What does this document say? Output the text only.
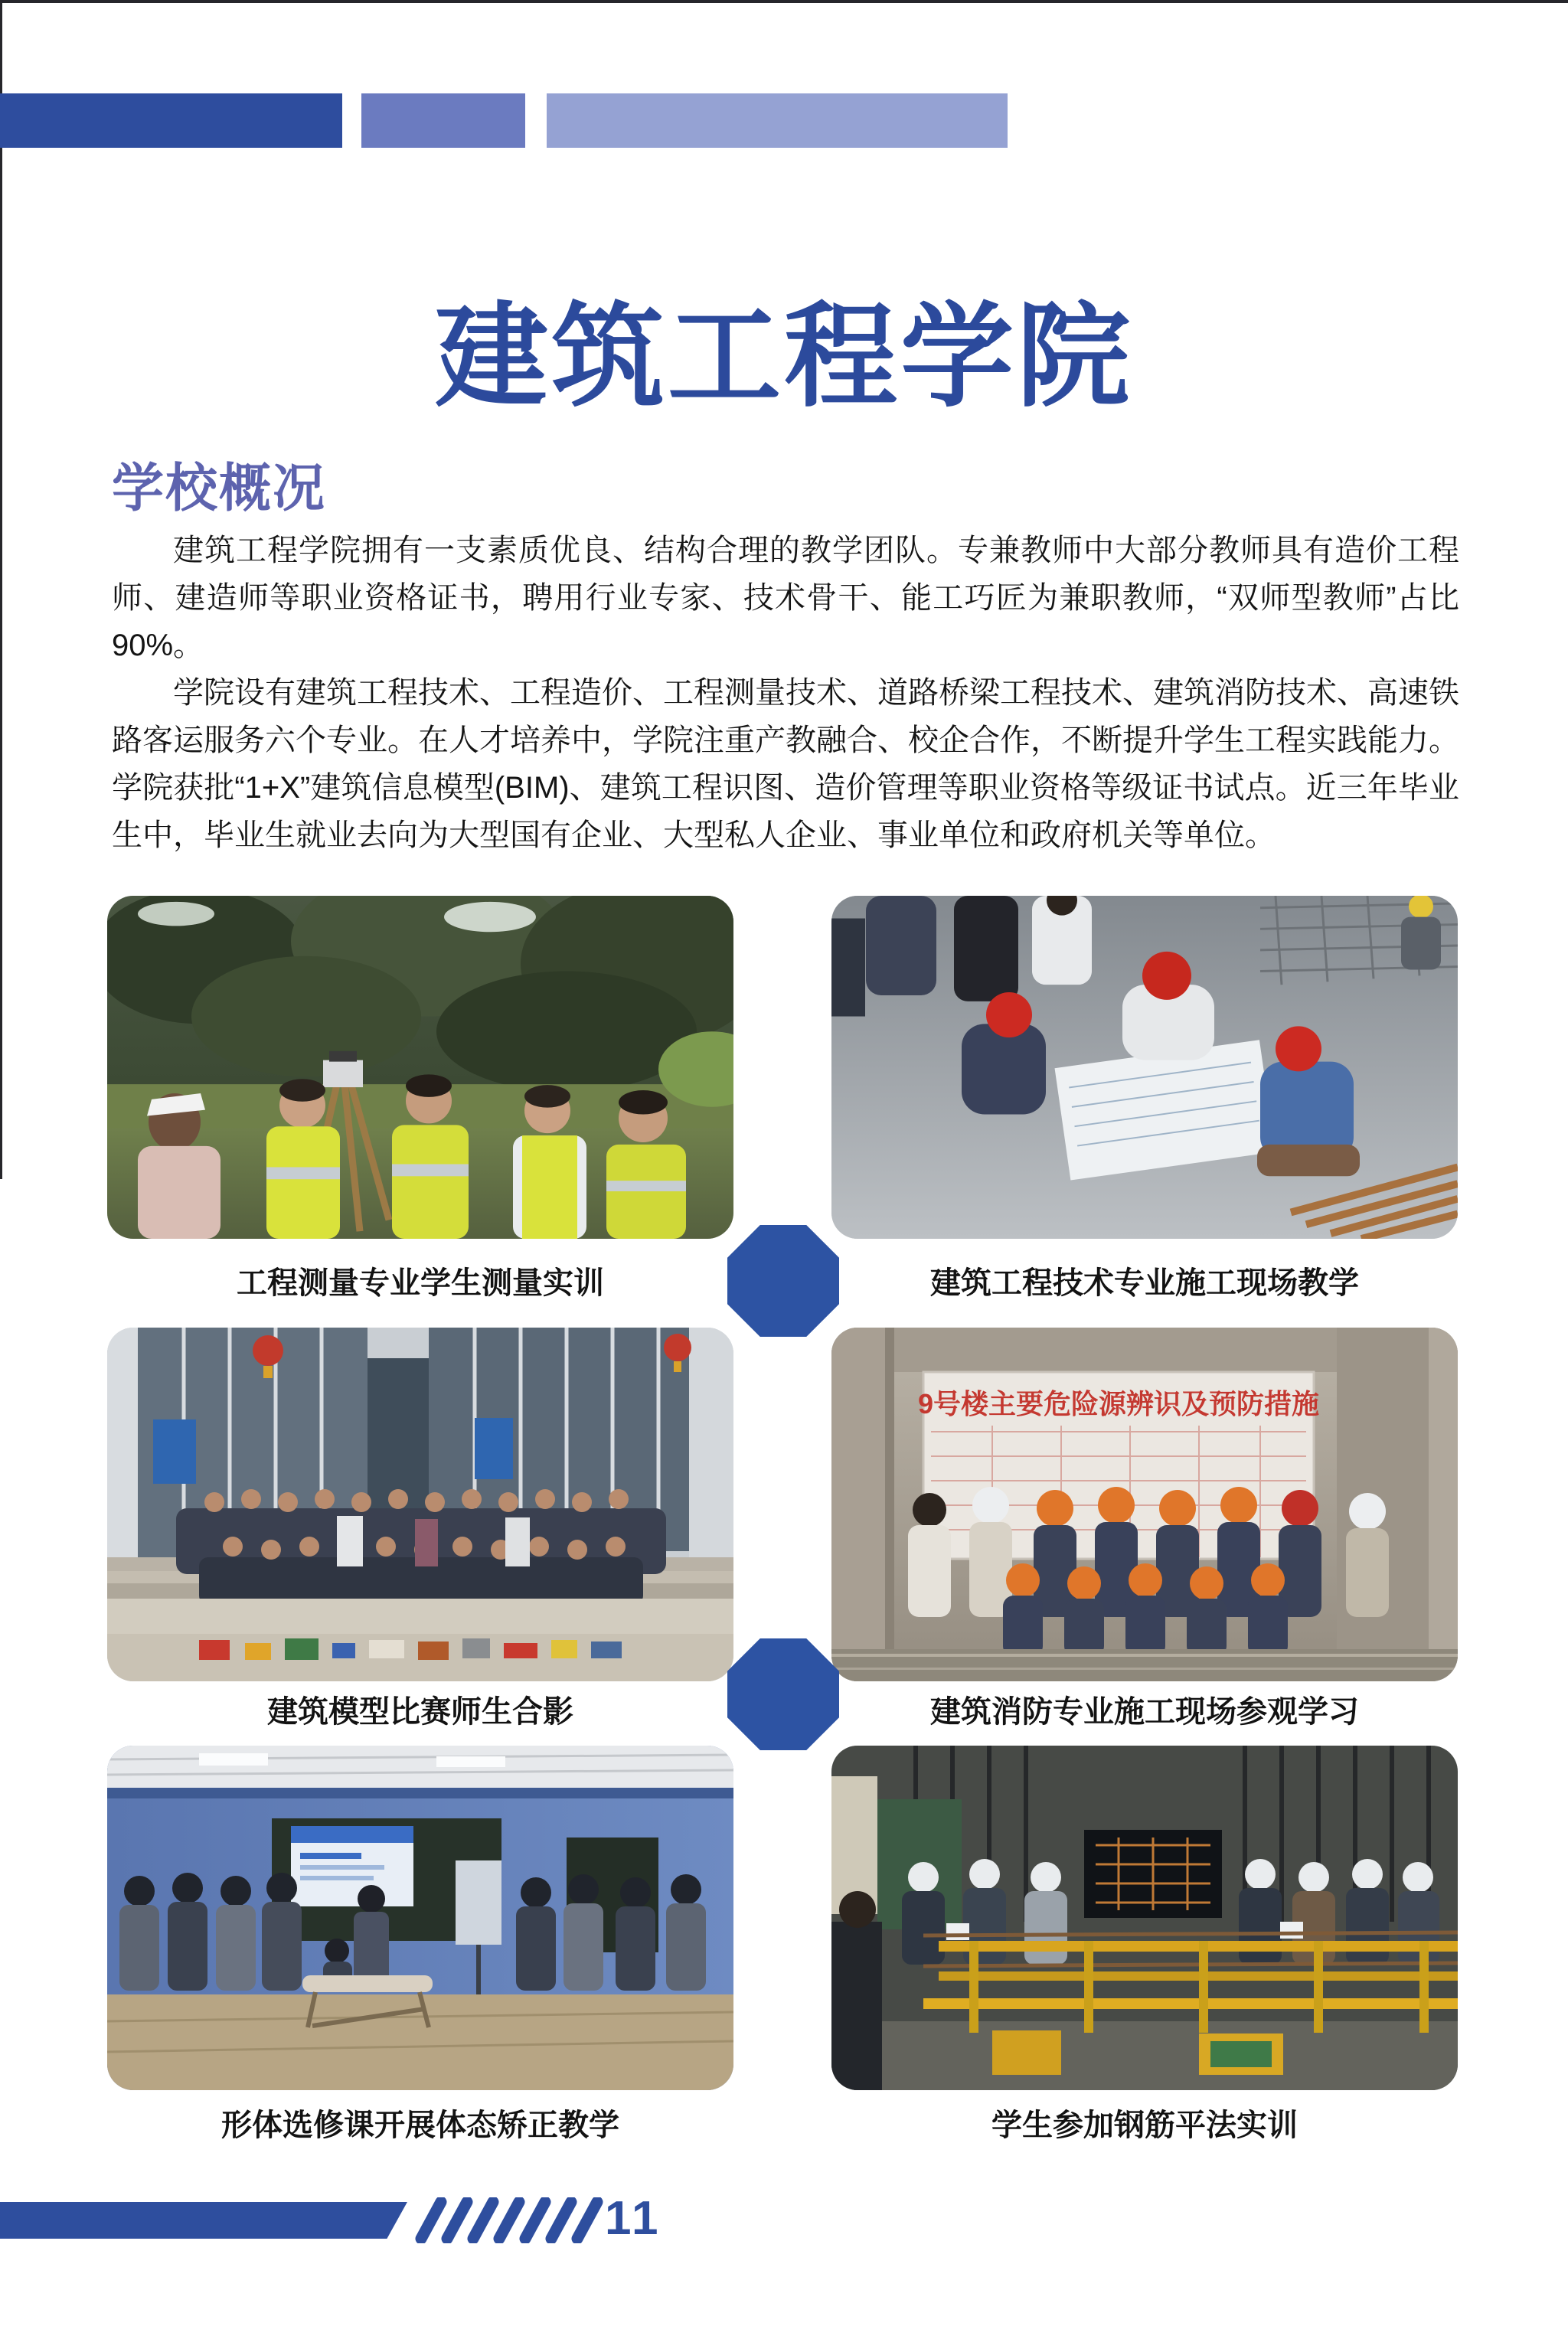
建筑工程学院
学校概况

建筑工程学院拥有一支素质优良、结构合理的教学团队。专兼教师中大部分教师具有造价工程师、建造师等职业资格证书，聘用行业专家、技术骨干、能工巧匠为兼职教师，“双师型教师”占比90%。

学院设有建筑工程技术、工程造价、工程测量技术、道路桥梁工程技术、建筑消防技术、高速铁路客运服务六个专业。在人才培养中，学院注重产教融合、校企合作，不断提升学生工程实践能力。学院获批“1+X”建筑信息模型(BIM)、建筑工程识图、造价管理等职业资格等级证书试点。近三年毕业生中，毕业生就业去向为大型国有企业、大型私人企业、事业单位和政府机关等单位。

9号楼主要危险源辨识及预防措施
工程测量专业学生测量实训	建筑工程技术专业施工现场教学
建筑模型比赛师生合影	建筑消防专业施工现场参观学习
形体选修课开展体态矫正教学	学生参加钢筋平法实训
11
